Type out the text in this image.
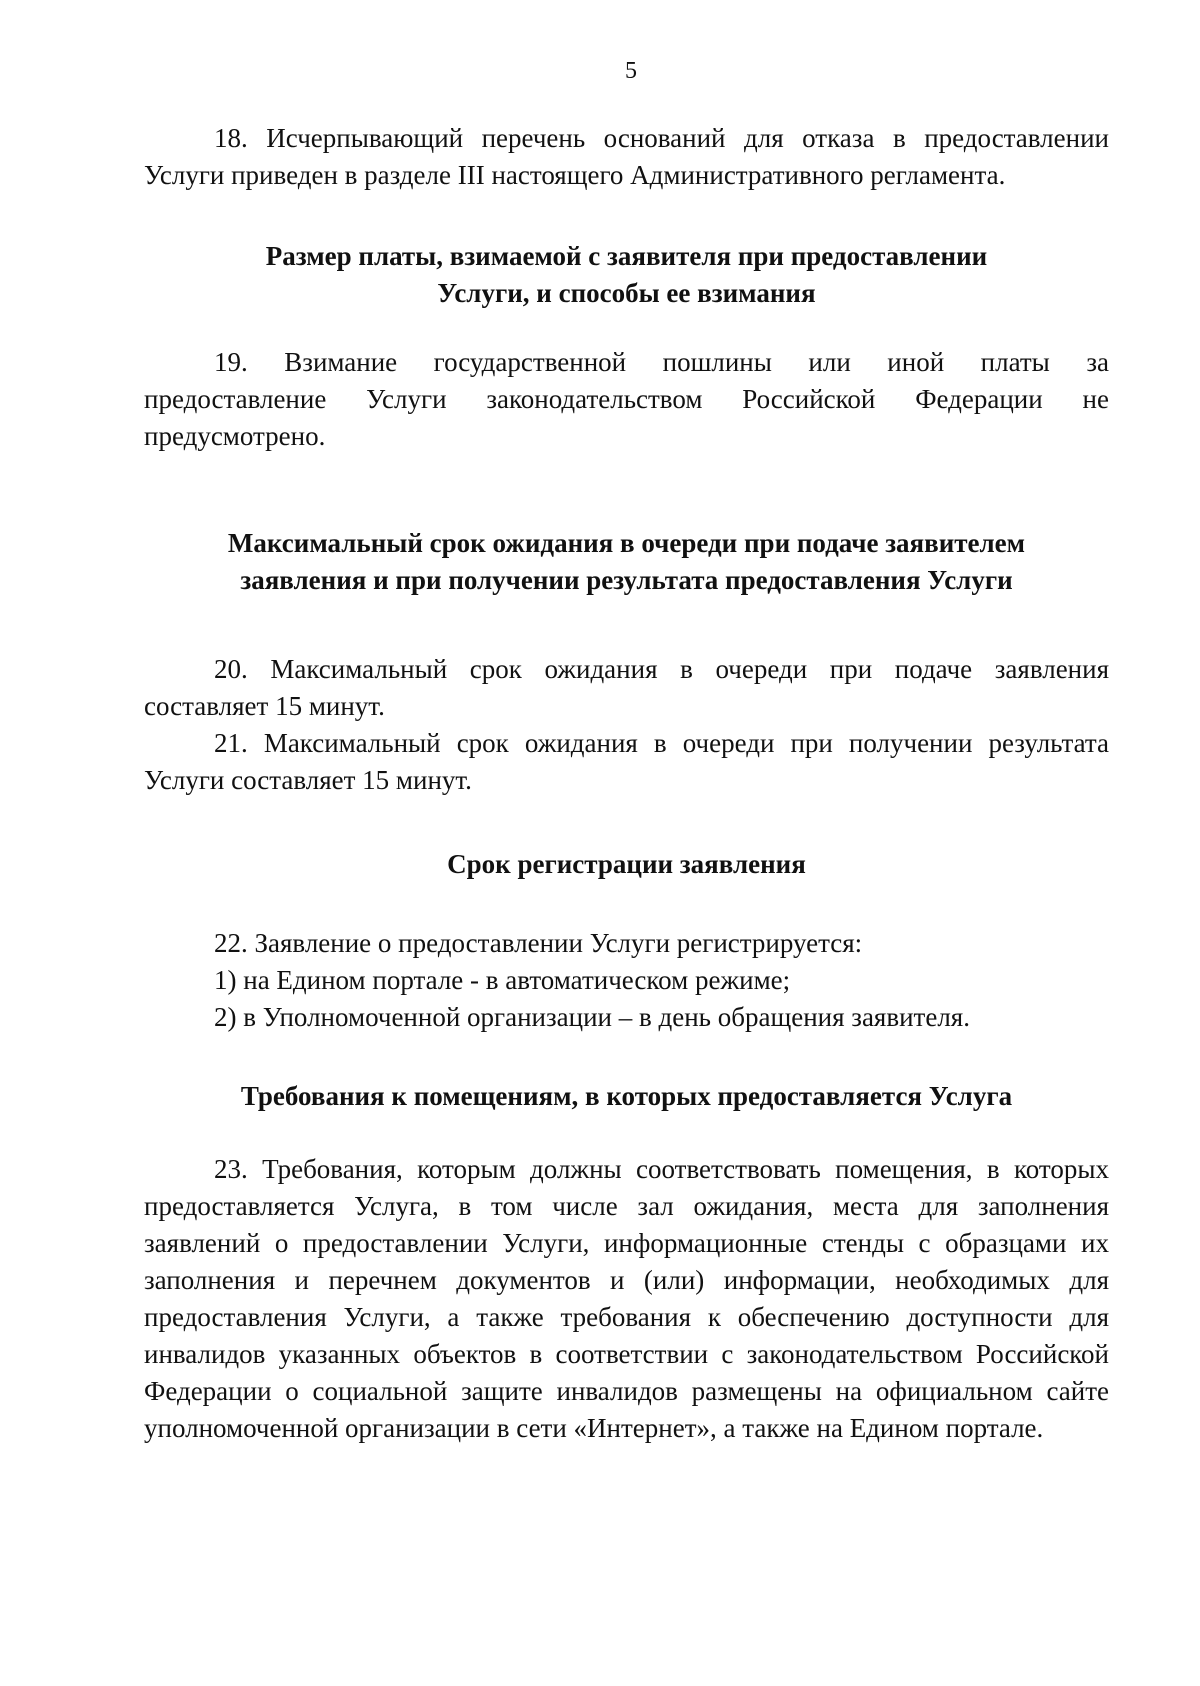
5

18. Исчерпывающий перечень оснований для отказа в предоставлении
Услуги приведен в разделе III настоящего Административного регламента.

Размер платы, взимаемой с заявителя при предоставлении
Услуги, и способы ее взимания

19. Взимание государственной пошлины или иной платы за
предоставление Услуги законодательством Российской Федерации не
предусмотрено.

Максимальный срок ожидания в очереди при подаче заявителем
заявления и при получении результата предоставления Услуги

20. Максимальный срок ожидания в очереди при подаче заявления
составляет 15 минут.

21. Максимальный срок ожидания в очереди при получении результата
Услуги составляет 15 минут.

Срок регистрации заявления

22. Заявление о предоставлении Услуги регистрируется:

1) на Едином портале - в автоматическом режиме;

2) в Уполномоченной организации – в день обращения заявителя.

Требования к помещениям, в которых предоставляется Услуга

23. Требования, которым должны соответствовать помещения, в которых
предоставляется Услуга, в том числе зал ожидания, места для заполнения
заявлений о предоставлении Услуги, информационные стенды с образцами их
заполнения и перечнем документов и (или) информации, необходимых для
предоставления Услуги, а также требования к обеспечению доступности для
инвалидов указанных объектов в соответствии с законодательством Российской
Федерации о социальной защите инвалидов размещены на официальном сайте
уполномоченной организации в сети «Интернет», а также на Едином портале.
